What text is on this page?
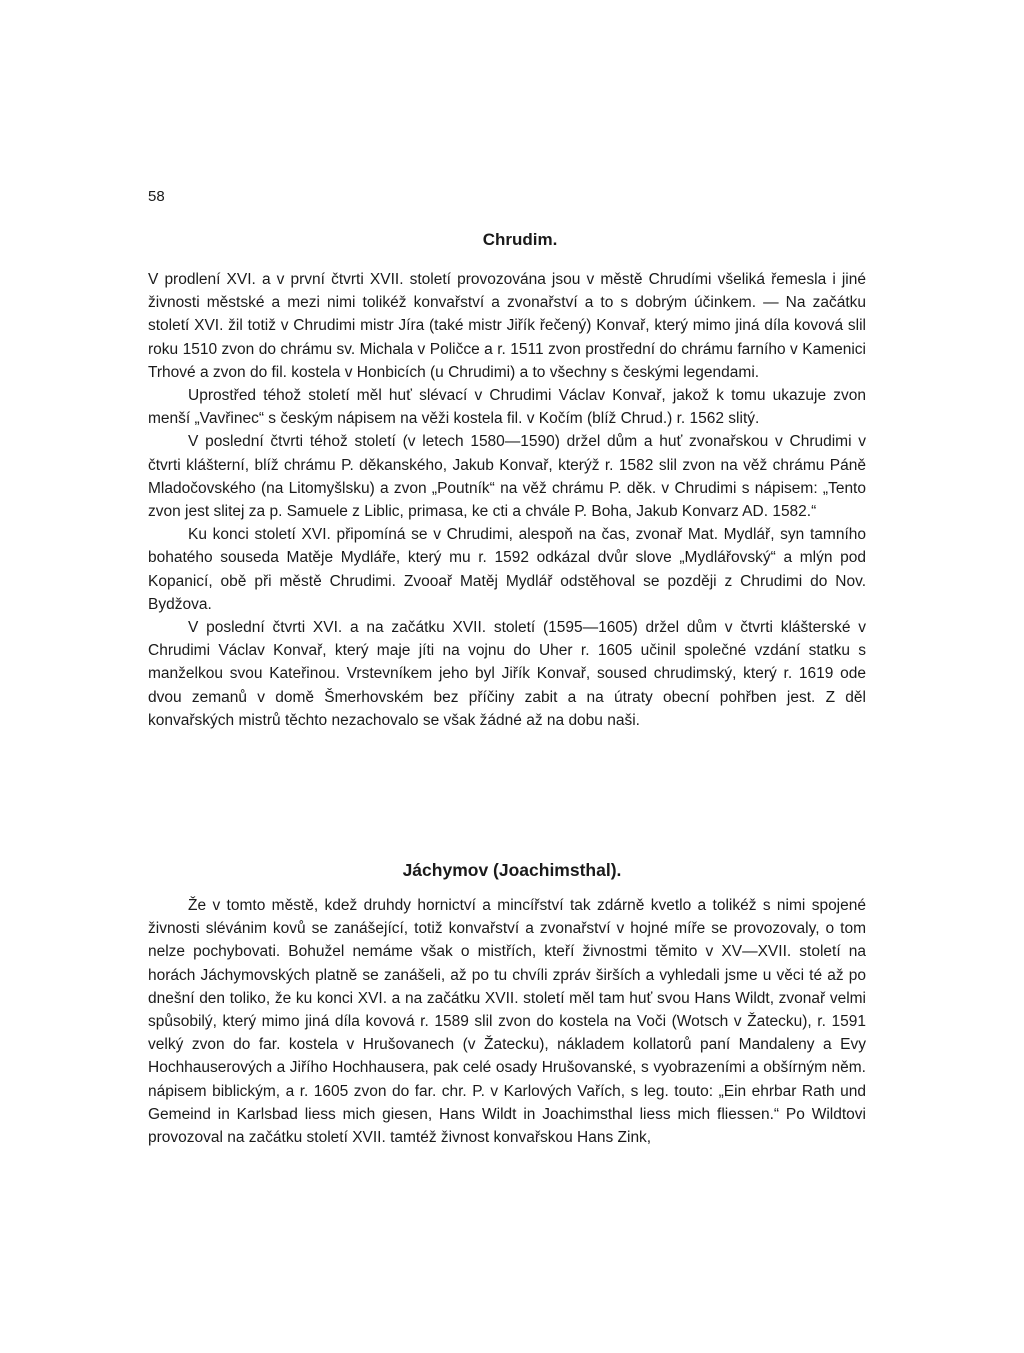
58
Chrudim.

V prodlení XVI. a v první čtvrti XVII. století provozována jsou v městě Chrudími všeliká řemesla i jiné živnosti městské a mezi nimi tolikéž konvařství a zvonařství a to s dobrým účinkem. — Na začátku století XVI. žil totiž v Chrudimi mistr Jíra (také mistr Jiřík řečený) Konvař, který mimo jiná díla kovová slil roku 1510 zvon do chrámu sv. Michala v Poličce a r. 1511 zvon prostřední do chrámu farního v Kamenici Trhové a zvon do fil. kostela v Honbicích (u Chrudimi) a to všechny s českými legendami.

Uprostřed téhož století měl huť slévací v Chrudimi Václav Konvař, jakož k tomu ukazuje zvon menší „Vavřinec“ s českým nápisem na věži kostela fil. v Kočím (blíž Chrud.) r. 1562 slitý.

V poslední čtvrti téhož století (v letech 1580—1590) držel dům a huť zvonařskou v Chrudimi v čtvrti klášterní, blíž chrámu P. děkanského, Jakub Konvař, kterýž r. 1582 slil zvon na věž chrámu Páně Mladočovského (na Litomyšlsku) a zvon „Poutník“ na věž chrámu P. děk. v Chrudimi s nápisem: „Tento zvon jest slitej za p. Samuele z Liblic, primasa, ke cti a chvále P. Boha, Jakub Konvarz AD. 1582.“

Ku konci století XVI. připomíná se v Chrudimi, alespoň na čas, zvonař Mat. Mydlář, syn tamního bohatého souseda Matěje Mydláře, který mu r. 1592 odkázal dvůr slove „Mydlářovský“ a mlýn pod Kopanicí, obě při městě Chrudimi. Zvooař Matěj Mydlář odstěhoval se později z Chrudimi do Nov. Bydžova.

V poslední čtvrti XVI. a na začátku XVII. století (1595—1605) držel dům v čtvrti klášterské v Chrudimi Václav Konvař, který maje jíti na vojnu do Uher r. 1605 učinil společné vzdání statku s manželkou svou Kateřinou. Vrstevníkem jeho byl Jiřík Konvař, soused chrudimský, který r. 1619 ode dvou zemanů v domě Šmerhovském bez příčiny zabit a na útraty obecní pohřben jest. Z děl konvařských mistrů těchto nezachovalo se však žádné až na dobu naši.

Jáchymov (Joachimsthal).

Že v tomto městě, kdež druhdy hornictví a mincířství tak zdárně kvetlo a tolikéž s nimi spojené živnosti slévánim kovů se zanášející, totiž konvařství a zvonařství v hojné míře se provozovaly, o tom nelze pochybovati. Bohužel nemáme však o mistřích, kteří živnostmi těmito v XV—XVII. století na horách Jáchymovských platně se zanášeli, až po tu chvíli zpráv širších a vyhledali jsme u věci té až po dnešní den toliko, že ku konci XVI. a na začátku XVII. století měl tam huť svou Hans Wildt, zvonař velmi spůsobilý, který mimo jiná díla kovová r. 1589 slil zvon do kostela na Voči (Wotsch v Žatecku), r. 1591 velký zvon do far. kostela v Hrušovanech (v Žatecku), nákladem kollatorů paní Mandaleny a Evy Hochhauserových a Jiřího Hochhausera, pak celé osady Hrušovanské, s vyobrazeními a obšírným něm. nápisem biblickým, a r. 1605 zvon do far. chr. P. v Karlových Vařích, s leg. touto: „Ein ehrbar Rath und Gemeind in Karlsbad liess mich giesen, Hans Wildt in Joachimsthal liess mich fliessen.“ Po Wildtovi provozoval na začátku století XVII. tamtéž živnost konvařskou Hans Zink,
